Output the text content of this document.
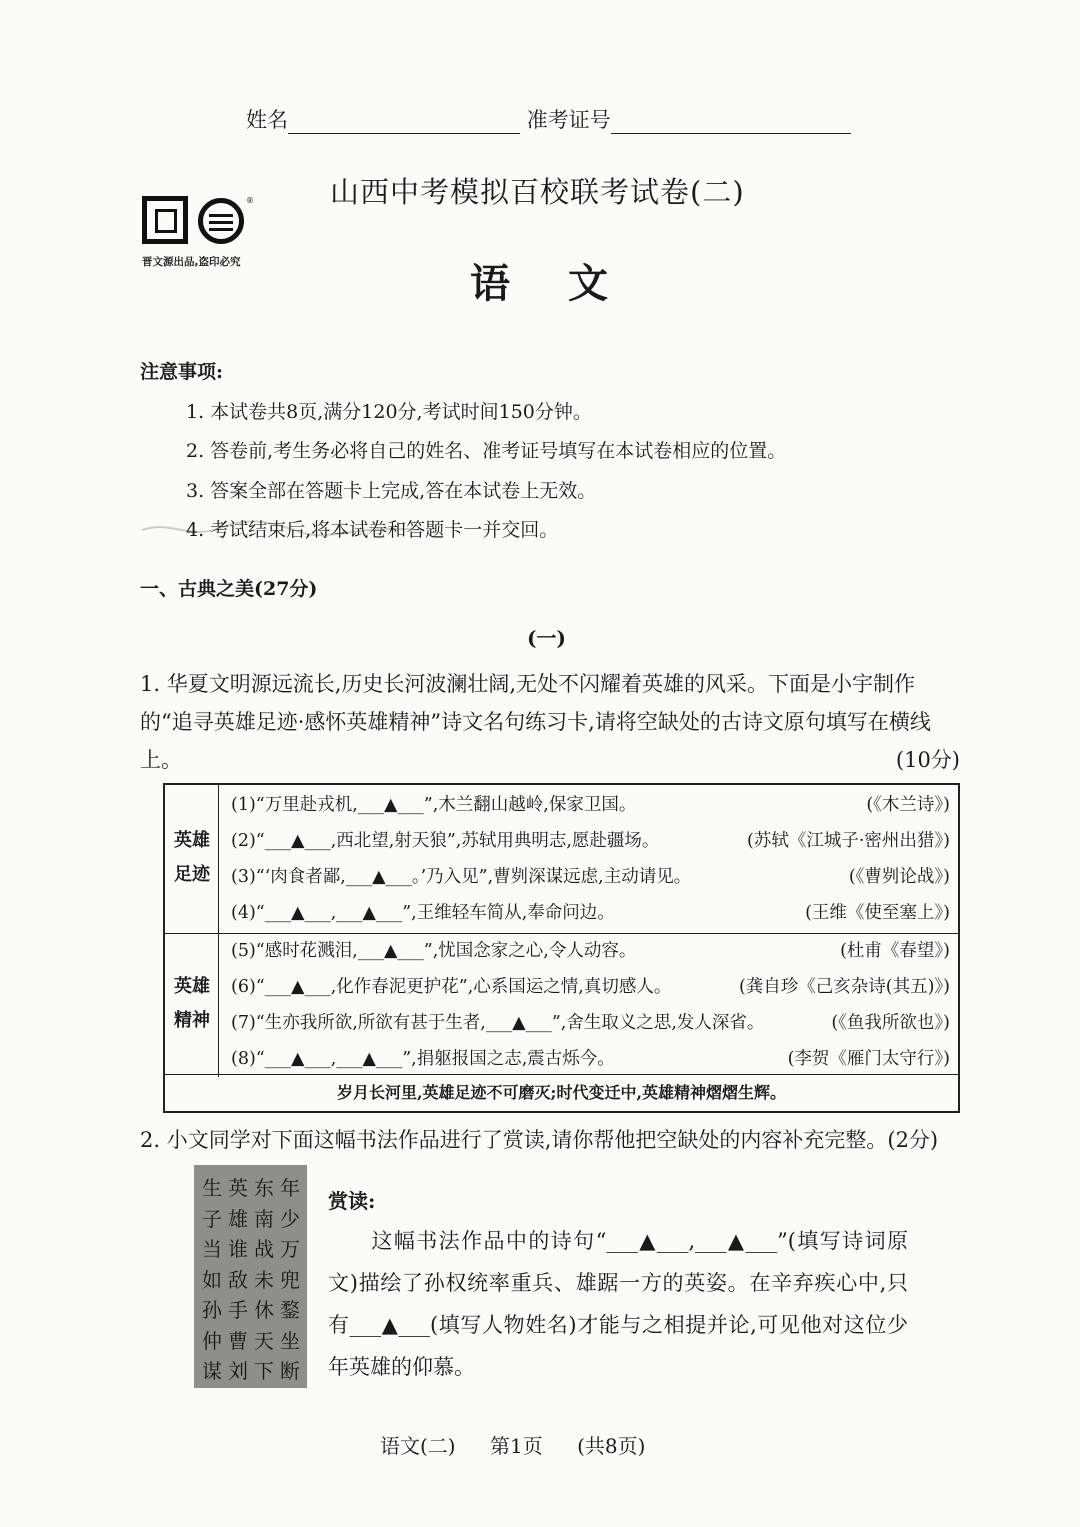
姓名	准考证号
山西中考模拟百校联考试卷(二)
语文
®
晋文源出品,盗印必究
注意事项:
1. 本试卷共8页,满分120分,考试时间150分钟。
2. 答卷前,考生务必将自己的姓名、准考证号填写在本试卷相应的位置。
3. 答案全部在答题卡上完成,答在本试卷上无效。
4. 考试结束后,将本试卷和答题卡一并交回。
一、古典之美(27分)
(一)
1. 华夏文明源远流长,历史长河波澜壮阔,无处不闪耀着英雄的风采。下面是小宇制作的“追寻英雄足迹·感怀英雄精神”诗文名句练习卡,请将空缺处的古诗文原句填写在横线上。	(10分)
英雄
足迹
(1)“万里赴戎机,___▲___”,木兰翻山越岭,保家卫国。	(《木兰诗》)
(2)“___▲___,西北望,射天狼”,苏轼用典明志,愿赴疆场。	(苏轼《江城子·密州出猎》)
(3)“‘肉食者鄙,___▲___。’乃入见”,曹刿深谋远虑,主动请见。	(《曹刿论战》)
(4)“___▲___,___▲___”,王维轻车简从,奉命问边。	(王维《使至塞上》)
英雄
精神
(5)“感时花溅泪,___▲___”,忧国念家之心,令人动容。	(杜甫《春望》)
(6)“___▲___,化作春泥更护花”,心系国运之情,真切感人。	(龚自珍《己亥杂诗(其五)》)
(7)“生亦我所欲,所欲有甚于生者,___▲___”,舍生取义之思,发人深省。	(《鱼我所欲也》)
(8)“___▲___,___▲___”,捐躯报国之志,震古烁今。	(李贺《雁门太守行》)
岁月长河里,英雄足迹不可磨灭;时代变迁中,英雄精神熠熠生辉。
2. 小文同学对下面这幅书法作品进行了赏读,请你帮他把空缺处的内容补充完整。(2分)
年少万兜鍪坐断
东南战未休天下
英雄谁敌手曹刘
生子当如孙仲谋
赏读:
这幅书法作品中的诗句“___▲___,___▲___”(填写诗词原文)描绘了孙权统率重兵、雄踞一方的英姿。在辛弃疾心中,只有___▲___(填写人物姓名)才能与之相提并论,可见他对这位少年英雄的仰慕。
语文(二) 第1页 (共8页)
